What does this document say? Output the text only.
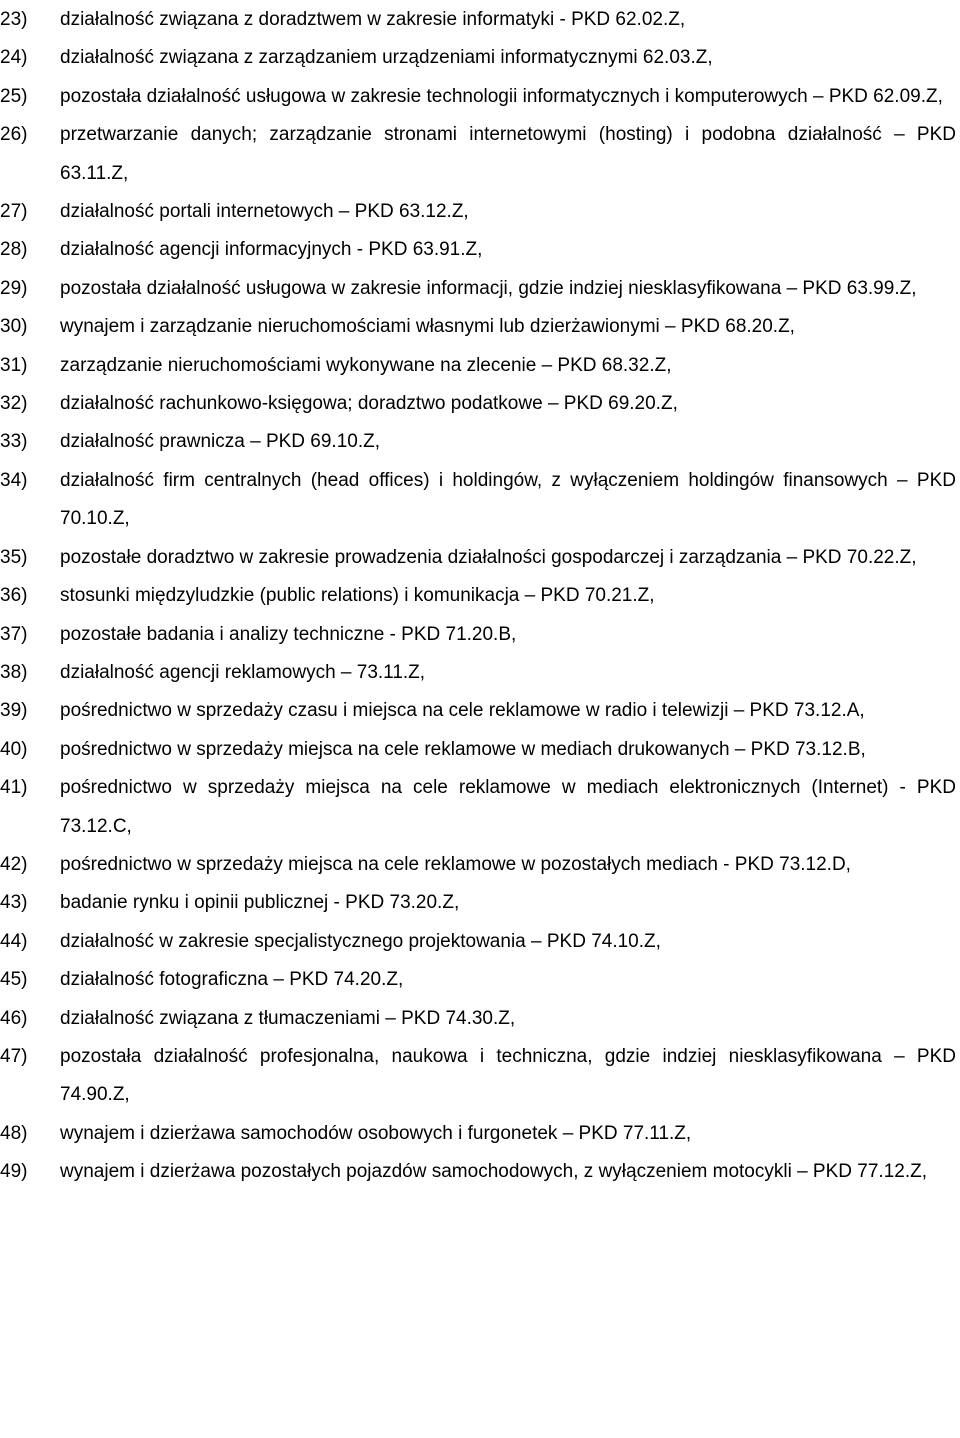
23)	działalność związana z doradztwem w zakresie informatyki - PKD 62.02.Z,
24)	działalność związana z zarządzaniem urządzeniami informatycznymi 62.03.Z,
25)	pozostała działalność usługowa w zakresie technologii informatycznych i komputerowych – PKD 62.09.Z,
26)	przetwarzanie danych; zarządzanie stronami internetowymi (hosting) i podobna działalność – PKD 63.11.Z,
27)	działalność portali internetowych – PKD 63.12.Z,
28)	działalność agencji informacyjnych - PKD 63.91.Z,
29)	pozostała działalność usługowa w zakresie informacji, gdzie indziej niesklasyfikowana – PKD 63.99.Z,
30)	wynajem i zarządzanie nieruchomościami własnymi lub dzierżawionymi – PKD 68.20.Z,
31)	zarządzanie nieruchomościami wykonywane na zlecenie – PKD 68.32.Z,
32)	działalność rachunkowo-księgowa; doradztwo podatkowe – PKD 69.20.Z,
33)	działalność prawnicza – PKD 69.10.Z,
34)	działalność firm centralnych (head offices) i holdingów, z wyłączeniem holdingów finansowych – PKD 70.10.Z,
35)	pozostałe doradztwo w zakresie prowadzenia działalności gospodarczej i zarządzania – PKD 70.22.Z,
36)	stosunki międzyludzkie (public relations) i komunikacja – PKD 70.21.Z,
37)	pozostałe badania i analizy techniczne - PKD 71.20.B,
38)	działalność agencji reklamowych – 73.11.Z,
39)	pośrednictwo w sprzedaży czasu i miejsca na cele reklamowe w radio i telewizji – PKD 73.12.A,
40)	pośrednictwo w sprzedaży miejsca na cele reklamowe w mediach drukowanych – PKD 73.12.B,
41)	pośrednictwo w sprzedaży miejsca na cele reklamowe w mediach elektronicznych (Internet) - PKD 73.12.C,
42)	pośrednictwo w sprzedaży miejsca na cele reklamowe w pozostałych mediach - PKD 73.12.D,
43)	badanie rynku i opinii publicznej - PKD 73.20.Z,
44)	działalność w zakresie specjalistycznego projektowania – PKD 74.10.Z,
45)	działalność fotograficzna – PKD 74.20.Z,
46)	działalność związana z tłumaczeniami – PKD 74.30.Z,
47)	pozostała działalność profesjonalna, naukowa i techniczna, gdzie indziej niesklasyfikowana – PKD 74.90.Z,
48)	wynajem i dzierżawa samochodów osobowych i furgonetek – PKD 77.11.Z,
49)	wynajem i dzierżawa pozostałych pojazdów samochodowych, z wyłączeniem motocykli – PKD 77.12.Z,
